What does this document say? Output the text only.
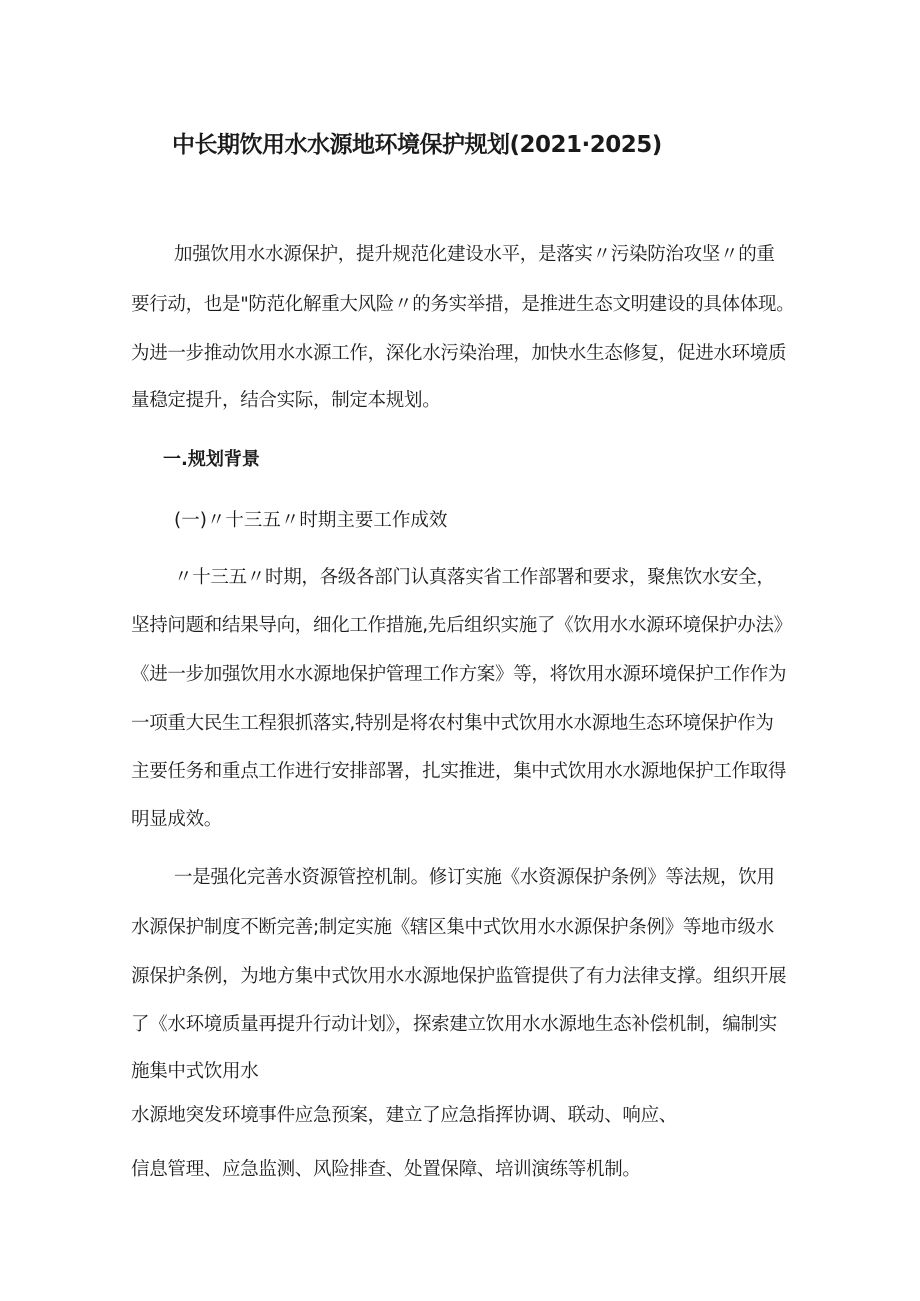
中长期饮用水水源地环境保护规划(2021·2025)
加强饮用水水源保护，提升规范化建设水平，是落实〃污染防治攻坚〃的重
要行动，也是"防范化解重大风险〃的务实举措，是推进生态文明建设的具体体现。
为进一步推动饮用水水源工作，深化水污染治理，加快水生态修复，促进水环境质
量稳定提升，结合实际，制定本规划。
一.规划背景
(一)〃十三五〃时期主要工作成效
〃十三五〃时期，各级各部门认真落实省工作部署和要求，聚焦饮水安全，
坚持问题和结果导向，细化工作措施,先后组织实施了《饮用水水源环境保护办法》
《进一步加强饮用水水源地保护管理工作方案》等，将饮用水源环境保护工作作为
一项重大民生工程狠抓落实,特别是将农村集中式饮用水水源地生态环境保护作为
主要任务和重点工作进行安排部署，扎实推进，集中式饮用水水源地保护工作取得
明显成效。
一是强化完善水资源管控机制。修订实施《水资源保护条例》等法规，饮用
水源保护制度不断完善;制定实施《辖区集中式饮用水水源保护条例》等地市级水
源保护条例，为地方集中式饮用水水源地保护监管提供了有力法律支撑。组织开展
了《水环境质量再提升行动计划》，探索建立饮用水水源地生态补偿机制，编制实
施集中式饮用水
水源地突发环境事件应急预案，建立了应急指挥协调、联动、响应、
信息管理、应急监测、风险排查、处置保障、培训演练等机制。
